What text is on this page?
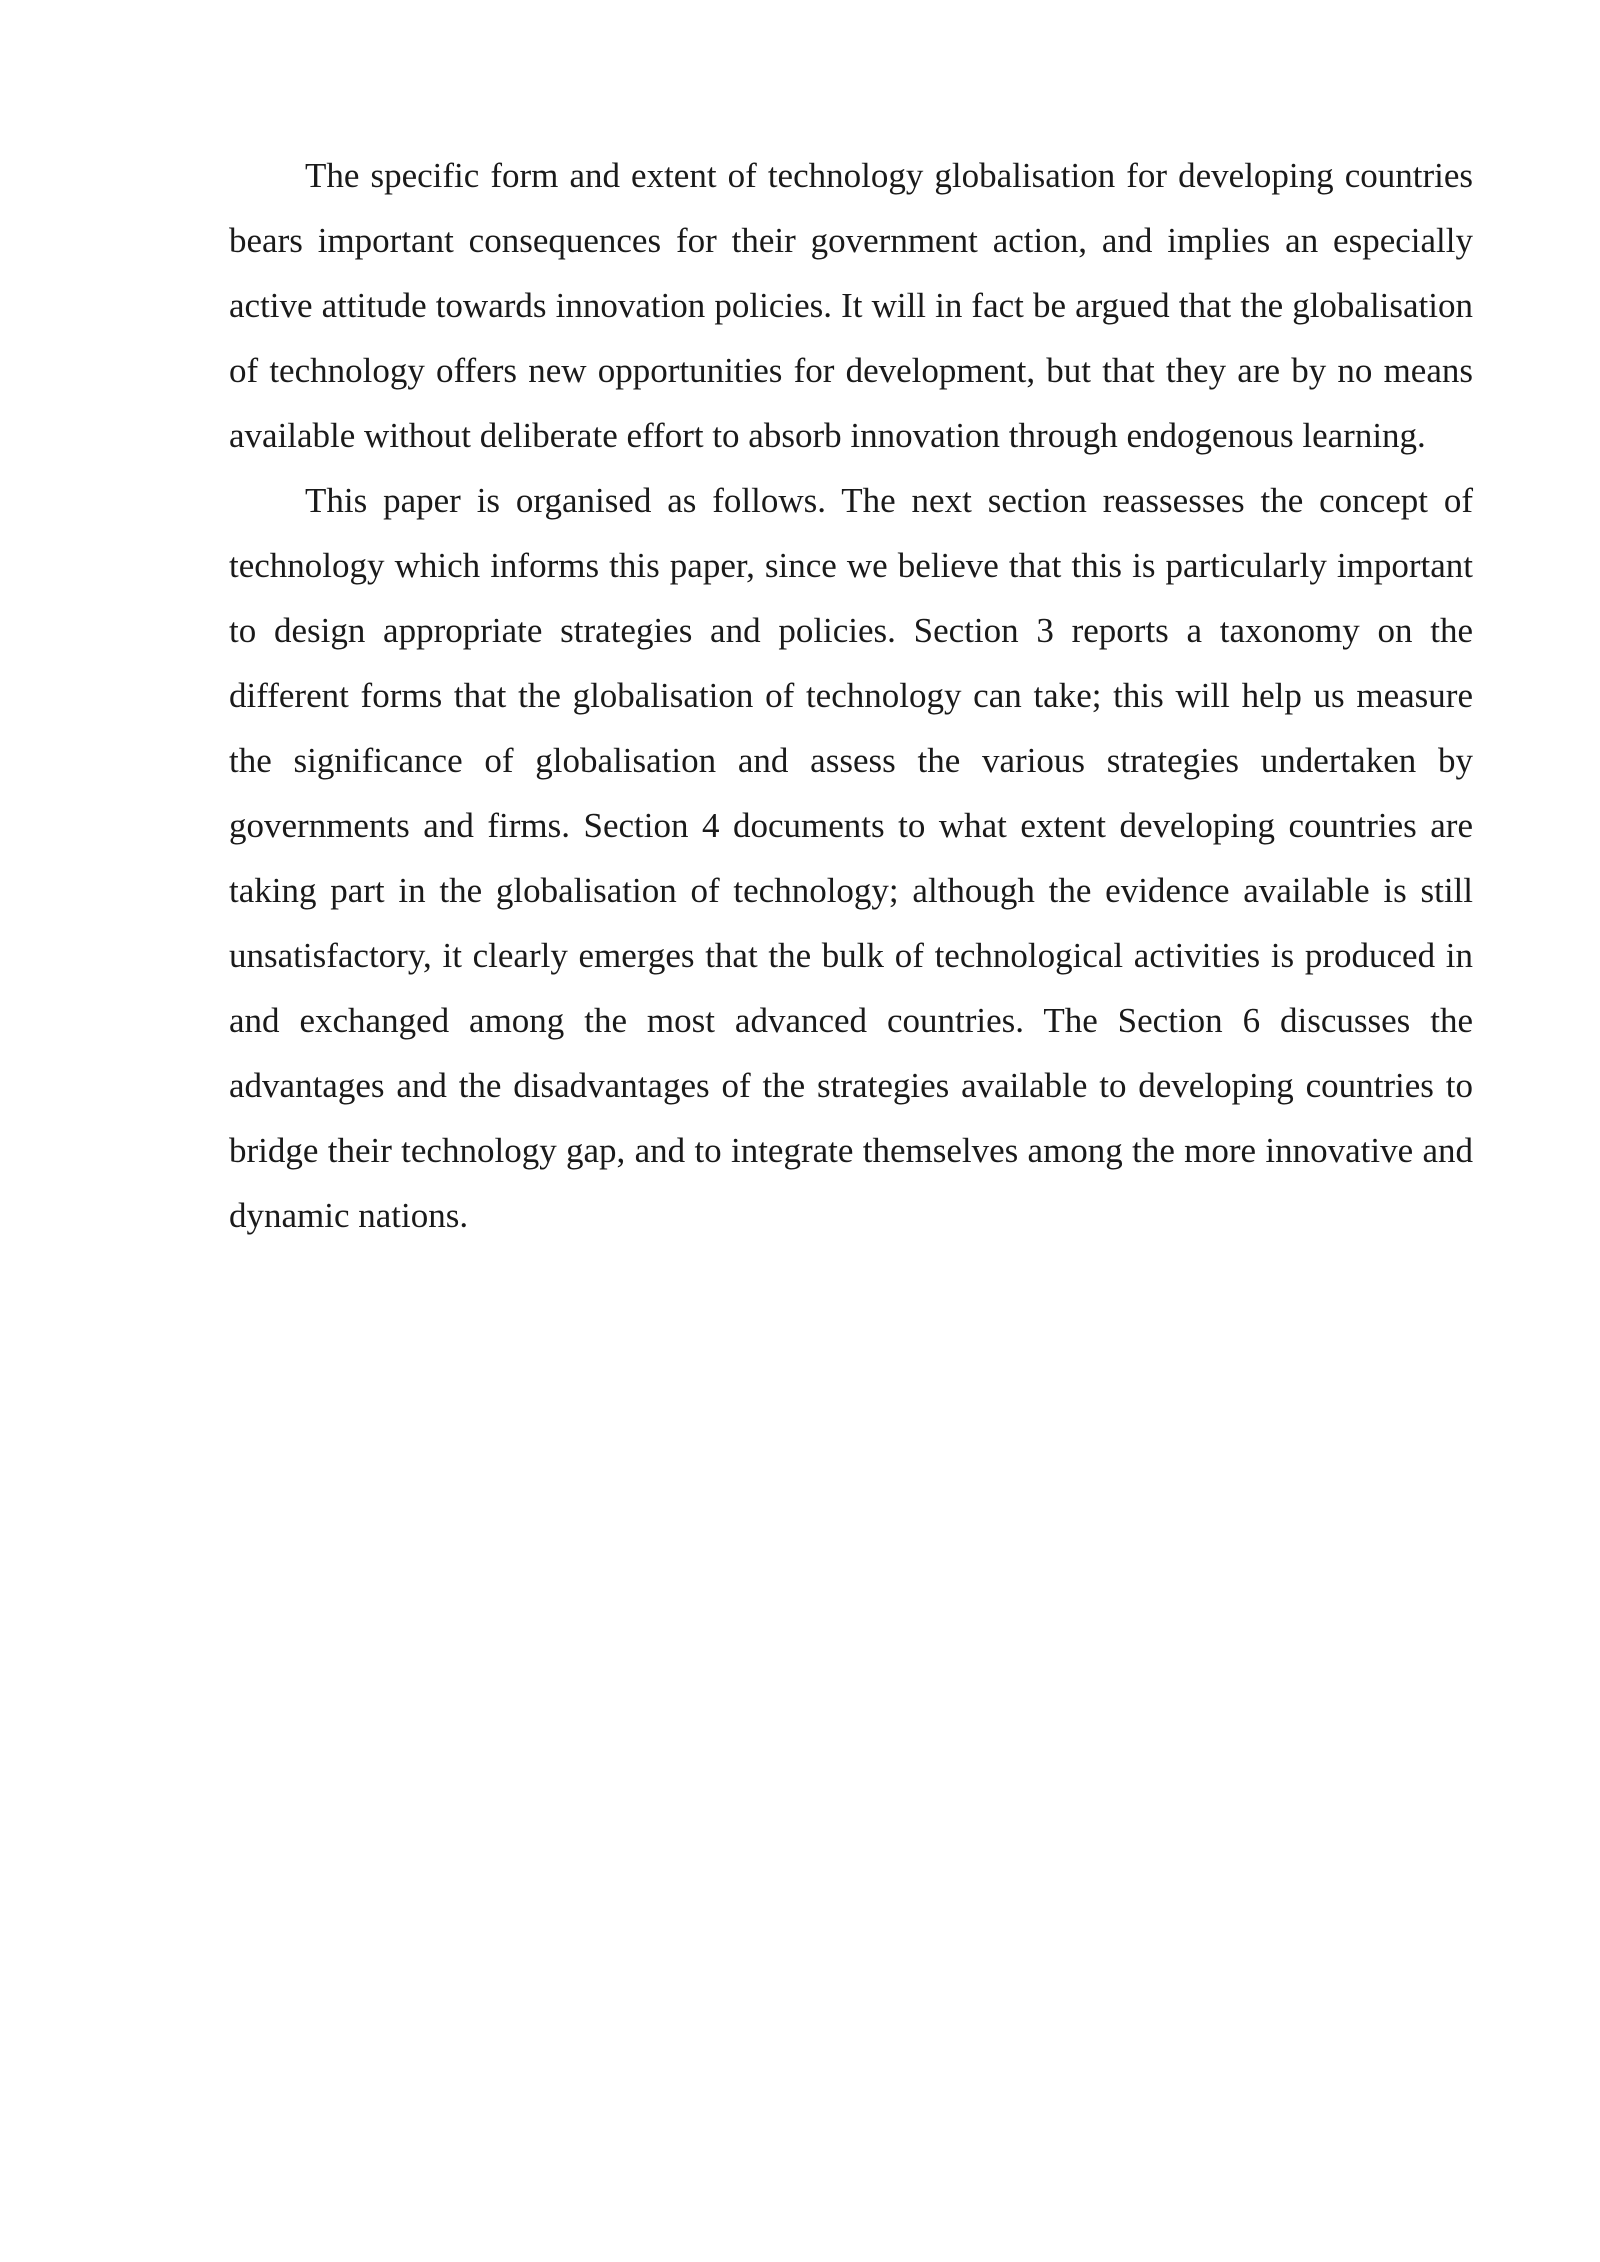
The specific form and extent of technology globalisation for developing countries bears important consequences for their government action, and implies an especially active attitude towards innovation policies. It will in fact be argued that the globalisation of technology offers new opportunities for development, but that they are by no means available without deliberate effort to absorb innovation through endogenous learning.

This paper is organised as follows. The next section reassesses the concept of technology which informs this paper, since we believe that this is particularly important to design appropriate strategies and policies. Section 3 reports a taxonomy on the different forms that the globalisation of technology can take; this will help us measure the significance of globalisation and assess the various strategies undertaken by governments and firms. Section 4 documents to what extent developing countries are taking part in the globalisation of technology; although the evidence available is still unsatisfactory, it clearly emerges that the bulk of technological activities is produced in and exchanged among the most advanced countries. The Section 6 discusses the advantages and the disadvantages of the strategies available to developing countries to bridge their technology gap, and to integrate themselves among the more innovative and dynamic nations.
